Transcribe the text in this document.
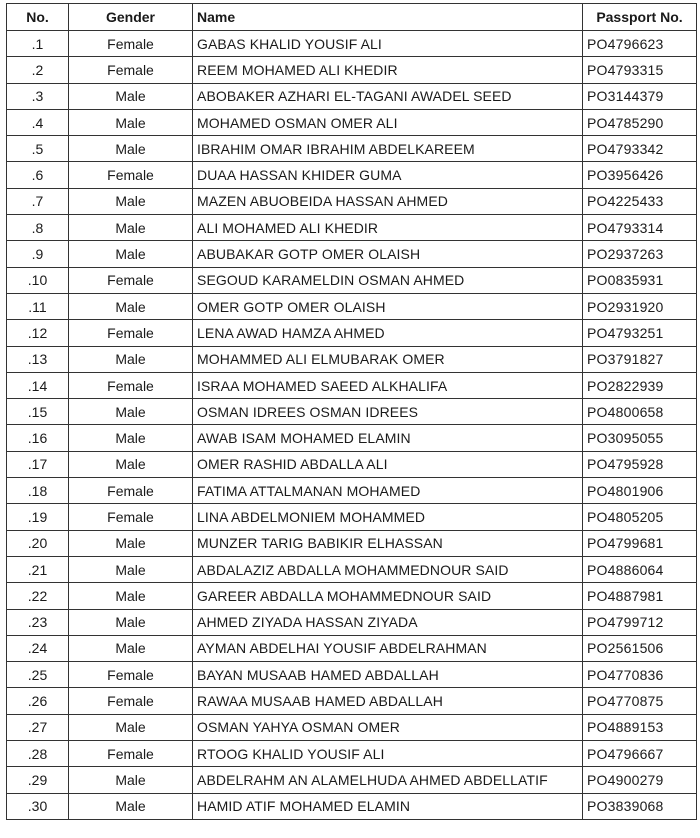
No.	Gender	Name	Passport No.
.1	Female	GABAS KHALID YOUSIF ALI	PO4796623
.2	Female	REEM MOHAMED ALI KHEDIR	PO4793315
.3	Male	ABOBAKER AZHARI EL-TAGANI AWADEL SEED	PO3144379
.4	Male	MOHAMED OSMAN OMER ALI	PO4785290
.5	Male	IBRAHIM OMAR IBRAHIM ABDELKAREEM	PO4793342
.6	Female	DUAA HASSAN KHIDER GUMA	PO3956426
.7	Male	MAZEN ABUOBEIDA HASSAN AHMED	PO4225433
.8	Male	ALI MOHAMED ALI KHEDIR	PO4793314
.9	Male	ABUBAKAR GOTP OMER OLAISH	PO2937263
.10	Female	SEGOUD KARAMELDIN OSMAN AHMED	PO0835931
.11	Male	OMER GOTP OMER OLAISH	PO2931920
.12	Female	LENA AWAD HAMZA AHMED	PO4793251
.13	Male	MOHAMMED ALI ELMUBARAK OMER	PO3791827
.14	Female	ISRAA MOHAMED SAEED ALKHALIFA	PO2822939
.15	Male	OSMAN IDREES OSMAN IDREES	PO4800658
.16	Male	AWAB ISAM MOHAMED ELAMIN	PO3095055
.17	Male	OMER RASHID ABDALLA ALI	PO4795928
.18	Female	FATIMA ATTALMANAN MOHAMED	PO4801906
.19	Female	LINA ABDELMONIEM MOHAMMED	PO4805205
.20	Male	MUNZER TARIG BABIKIR ELHASSAN	PO4799681
.21	Male	ABDALAZIZ ABDALLA MOHAMMEDNOUR SAID	PO4886064
.22	Male	GAREER ABDALLA MOHAMMEDNOUR SAID	PO4887981
.23	Male	AHMED ZIYADA HASSAN ZIYADA	PO4799712
.24	Male	AYMAN ABDELHAI YOUSIF ABDELRAHMAN	PO2561506
.25	Female	BAYAN MUSAAB HAMED ABDALLAH	PO4770836
.26	Female	RAWAA MUSAAB HAMED ABDALLAH	PO4770875
.27	Male	OSMAN YAHYA OSMAN OMER	PO4889153
.28	Female	RTOOG KHALID YOUSIF ALI	PO4796667
.29	Male	ABDELRAHM AN ALAMELHUDA AHMED ABDELLATIF	PO4900279
.30	Male	HAMID ATIF MOHAMED ELAMIN	PO3839068
